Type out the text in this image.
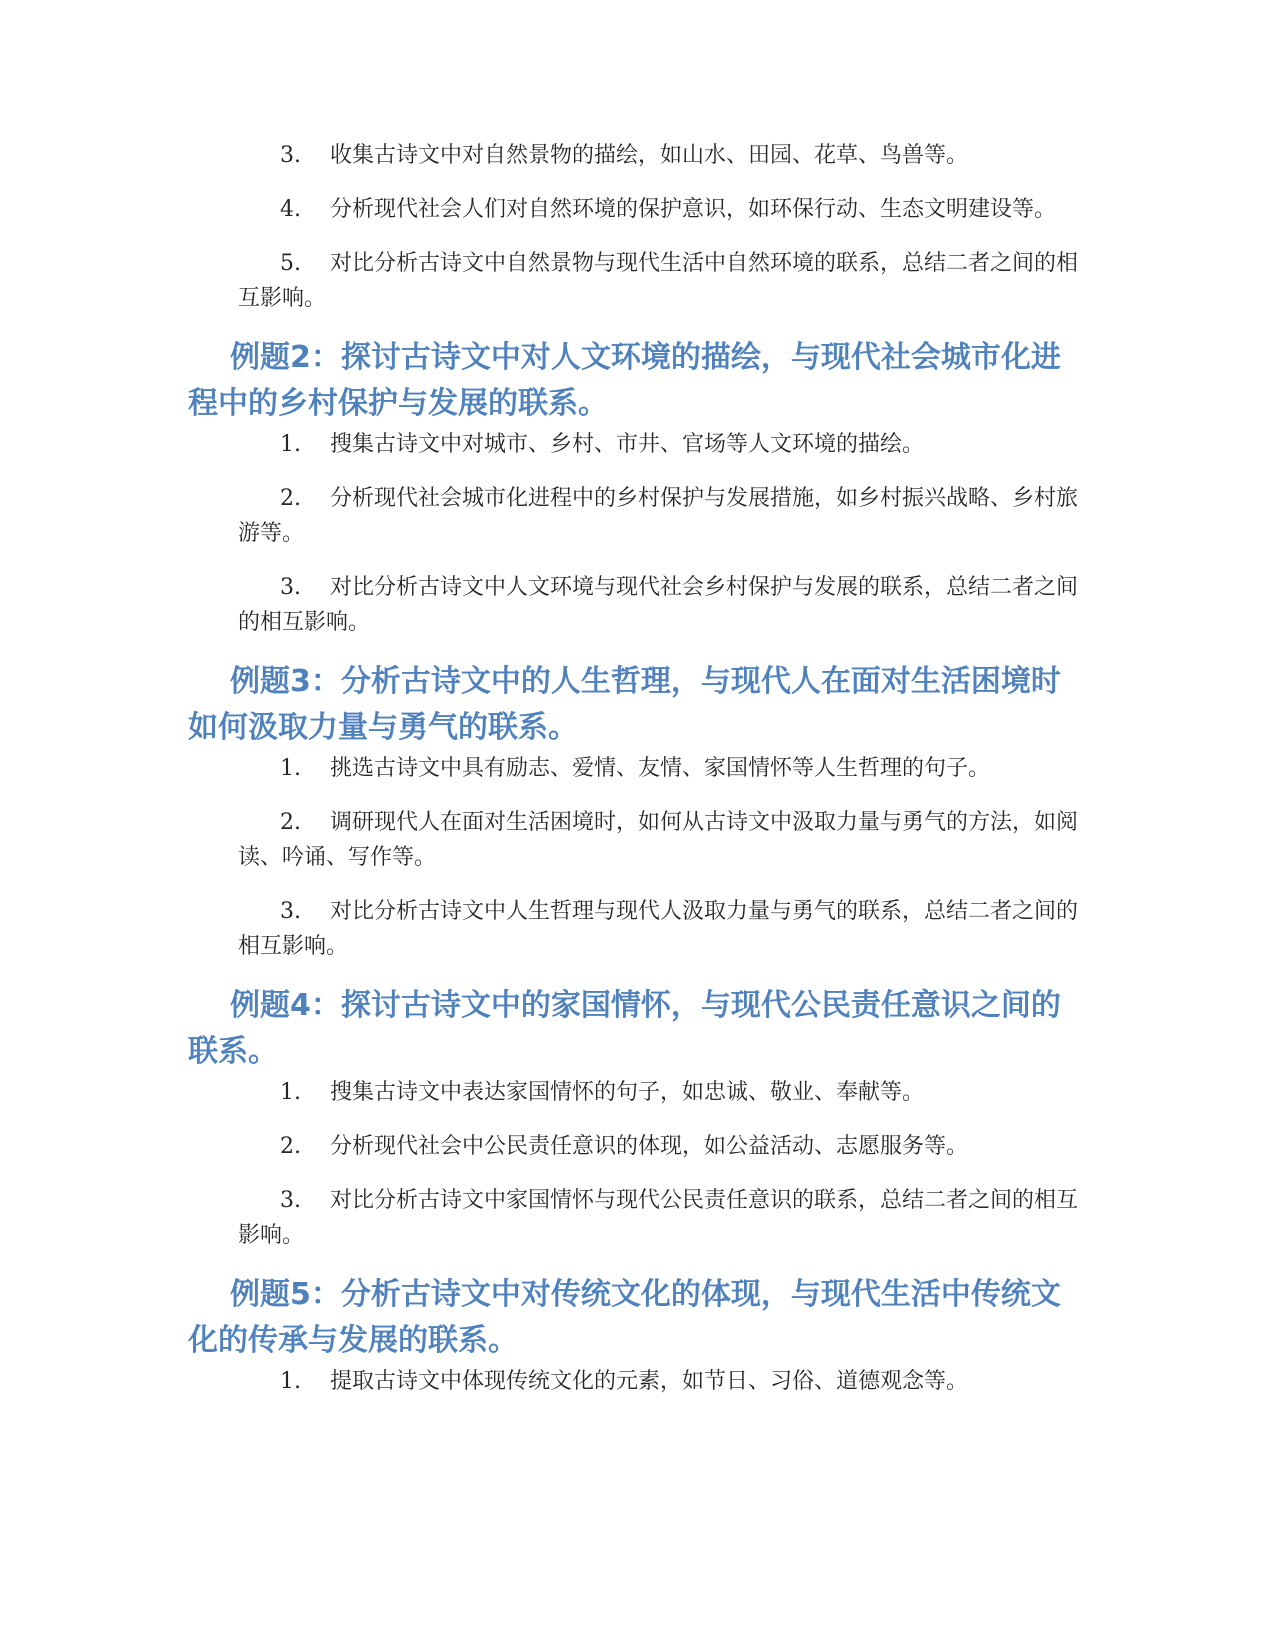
3. 收集古诗文中对自然景物的描绘，如山水、田园、花草、鸟兽等。
4. 分析现代社会人们对自然环境的保护意识，如环保行动、生态文明建设等。
5. 对比分析古诗文中自然景物与现代生活中自然环境的联系，总结二者之间的相互影响。
例题2：探讨古诗文中对人文环境的描绘，与现代社会城市化进程中的乡村保护与发展的联系。
1. 搜集古诗文中对城市、乡村、市井、官场等人文环境的描绘。
2. 分析现代社会城市化进程中的乡村保护与发展措施，如乡村振兴战略、乡村旅游等。
3. 对比分析古诗文中人文环境与现代社会乡村保护与发展的联系，总结二者之间的相互影响。
例题3：分析古诗文中的人生哲理，与现代人在面对生活困境时如何汲取力量与勇气的联系。
1. 挑选古诗文中具有励志、爱情、友情、家国情怀等人生哲理的句子。
2. 调研现代人在面对生活困境时，如何从古诗文中汲取力量与勇气的方法，如阅读、吟诵、写作等。
3. 对比分析古诗文中人生哲理与现代人汲取力量与勇气的联系，总结二者之间的相互影响。
例题4：探讨古诗文中的家国情怀，与现代公民责任意识之间的联系。
1. 搜集古诗文中表达家国情怀的句子，如忠诚、敬业、奉献等。
2. 分析现代社会中公民责任意识的体现，如公益活动、志愿服务等。
3. 对比分析古诗文中家国情怀与现代公民责任意识的联系，总结二者之间的相互影响。
例题5：分析古诗文中对传统文化的体现，与现代生活中传统文化的传承与发展的联系。
1. 提取古诗文中体现传统文化的元素，如节日、习俗、道德观念等。
